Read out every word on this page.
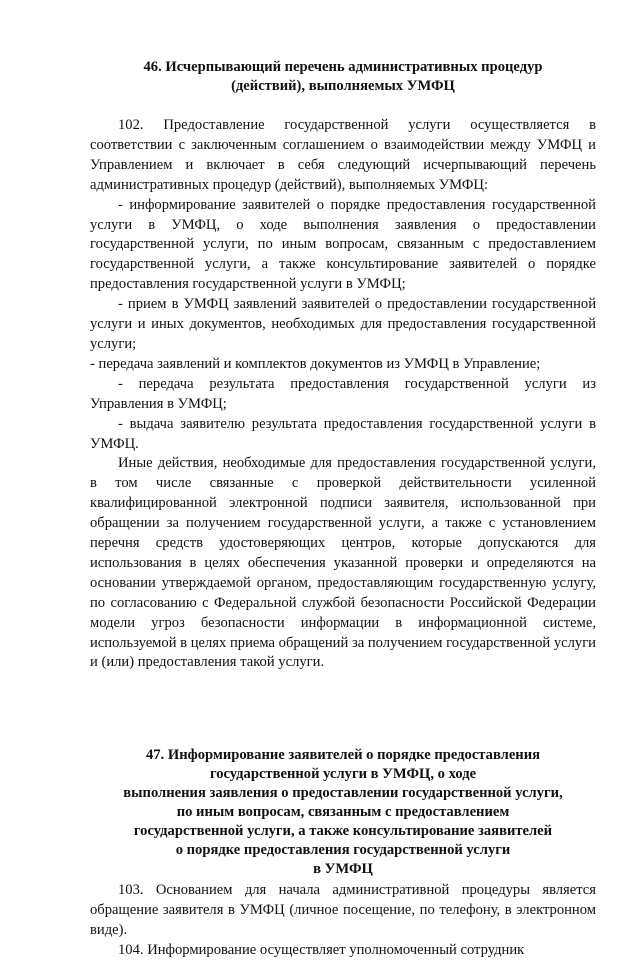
46. Исчерпывающий перечень административных процедур
(действий), выполняемых УМФЦ

102. Предоставление государственной услуги осуществляется в соответствии с заключенным соглашением о взаимодействии между УМФЦ и Управлением и включает в себя следующий исчерпывающий перечень административных процедур (действий), выполняемых УМФЦ:

- информирование заявителей о порядке предоставления государственной услуги в УМФЦ, о ходе выполнения заявления о предоставлении государственной услуги, по иным вопросам, связанным с предоставлением государственной услуги, а также консультирование заявителей о порядке предоставления государственной услуги в УМФЦ;

- прием в УМФЦ заявлений заявителей о предоставлении государственной услуги и иных документов, необходимых для предоставления государственной услуги;

- передача заявлений и комплектов документов из УМФЦ в Управление;

- передача результата предоставления государственной услуги из Управления в УМФЦ;

- выдача заявителю результата предоставления государственной услуги в УМФЦ.

Иные действия, необходимые для предоставления государственной услуги, в том числе связанные с проверкой действительности усиленной квалифицированной электронной подписи заявителя, использованной при обращении за получением государственной услуги, а также с установлением перечня средств удостоверяющих центров, которые допускаются для использования в целях обеспечения указанной проверки и определяются на основании утверждаемой органом, предоставляющим государственную услугу, по согласованию с Федеральной службой безопасности Российской Федерации модели угроз безопасности информации в информационной системе, используемой в целях приема обращений за получением государственной услуги и (или) предоставления такой услуги.

47. Информирование заявителей о порядке предоставления
государственной услуги в УМФЦ, о ходе
выполнения заявления о предоставлении государственной услуги,
по иным вопросам, связанным с предоставлением
государственной услуги, а также консультирование заявителей
о порядке предоставления государственной услуги
в УМФЦ

103. Основанием для начала административной процедуры является обращение заявителя в УМФЦ (личное посещение, по телефону, в электронном виде).

104. Информирование осуществляет уполномоченный сотрудник
